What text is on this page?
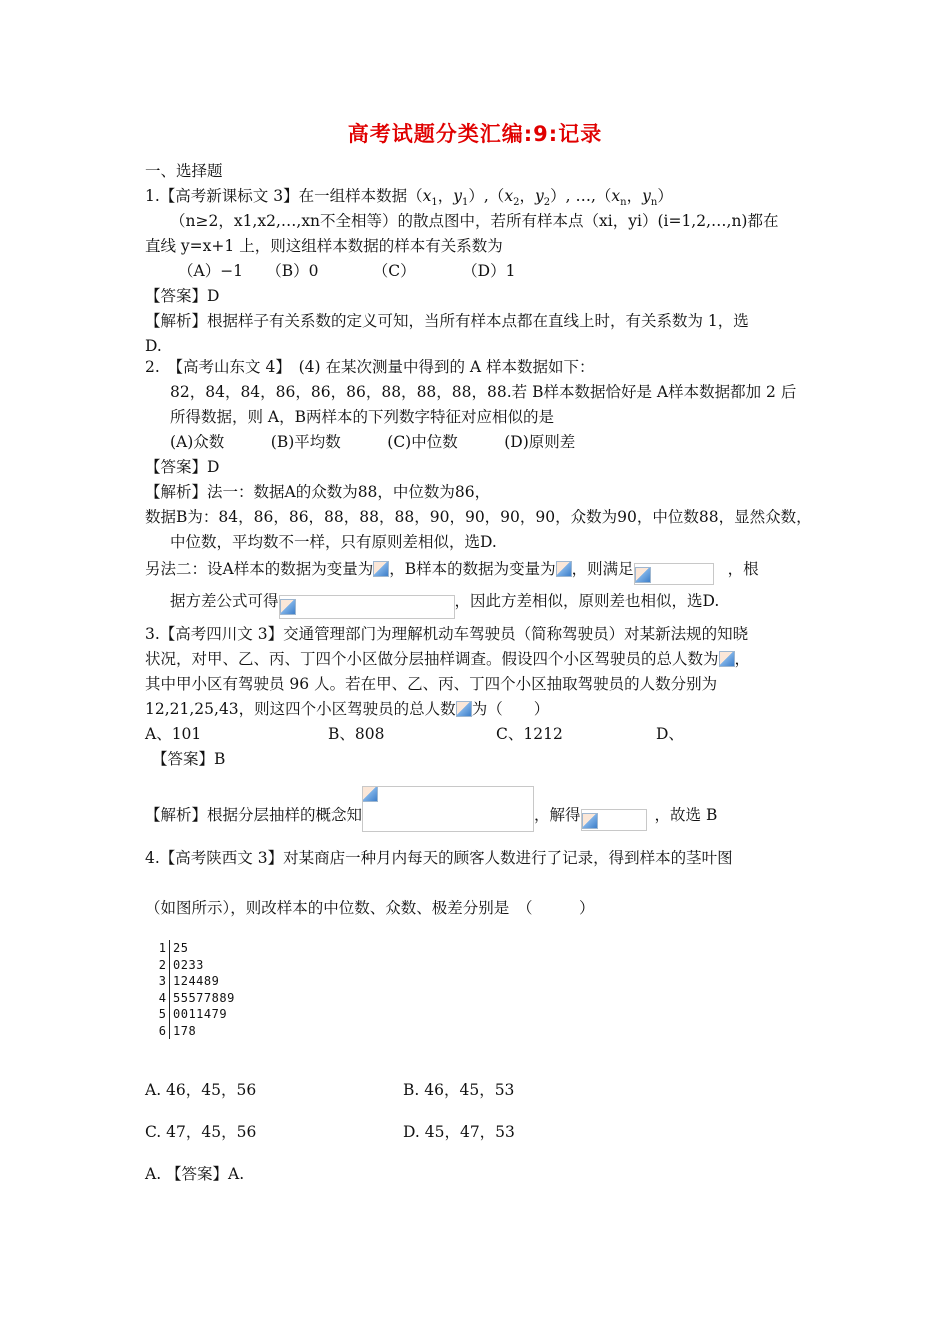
高考试题分类汇编:9:记录
一、选择题
1.【高考新课标文 3】在一组样本数据（$x_1$，$y_1),(x_2$，$y_2$）, $\dots,(x_n$，$y_n$）
（n≥2，x1,x2,…,xn不全相等）的散点图中，若所有样本点（xi，yi）(i=1,2,…,n)都在
直线 y=x+1 上，则这组样本数据的样本有关系数为
（A）−1　　（B）0　　　　（C）　　　　（D）1
【答案】D
【解析】根据样子有关系数的定义可知，当所有样本点都在直线上时，有关系数为 1，选
D.
2.　【高考山东文 4】　(4) 在某次测量中得到的 A 样本数据如下：
82，84，84，86，86，86，88，88，88，88.若 B样本数据恰好是 A样本数据都加 2 后
所得数据，则 A，B两样本的下列数字特征对应相似的是
(A)众数　　　(B)平均数　　　(C)中位数　　　(D)原则差
【答案】D
【解析】法一：数据A的众数为88，中位数为86，
数据B为：84，86，86，88，88，88，90，90，90，90，众数为90，中位数88，显然众数，
中位数，平均数不一样，只有原则差相似，选D.
另法二：设A样本的数据为变量为 ，B样本的数据为变量为 ，则满足	，根
据方差公式可得	，因此方差相似，原则差也相似，选D.
3.【高考四川文 3】交通管理部门为理解机动车驾驶员（简称驾驶员）对某新法规的知晓
状况，对甲、乙、丙、丁四个小区做分层抽样调查。假设四个小区驾驶员的总人数为 ，
其中甲小区有驾驶员 96 人。若在甲、乙、丙、丁四个小区抽取驾驶员的人数分别为
12,21,25,43，则这四个小区驾驶员的总人数 为（　　）
A、101	B、808	C、1212	D、
【答案】B
【解析】根据分层抽样的概念知	，解得	，故选 B
4.【高考陕西文 3】对某商店一种月内每天的顾客人数进行了记录，得到样本的茎叶图
（如图所示），则改样本的中位数、众数、极差分别是　（　　　）
1 25
2 0233
3 124489
4 55577889
5 0011479
6 178
A. 46，45，56	B. 46，45，53
C. 47，45，56	D. 45，47，53
A. 【答案】A.
